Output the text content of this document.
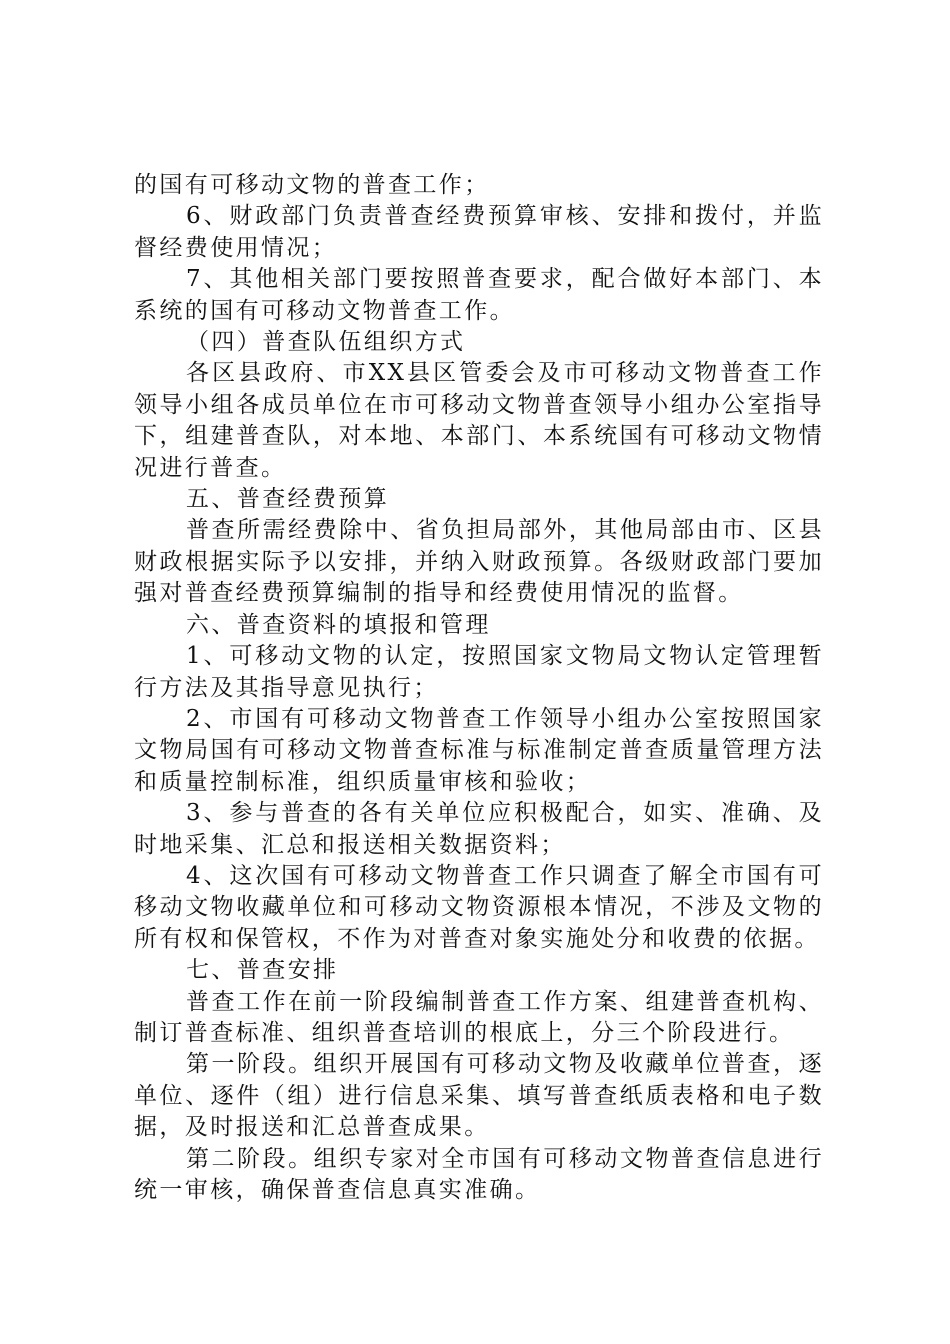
的国有可移动文物的普查工作；

6、财政部门负责普查经费预算审核、安排和拨付，并监督经费使用情况；

7、其他相关部门要按照普查要求，配合做好本部门、本系统的国有可移动文物普查工作。

（四）普查队伍组织方式

各区县政府、市XX县区管委会及市可移动文物普查工作领导小组各成员单位在市可移动文物普查领导小组办公室指导下，组建普查队，对本地、本部门、本系统国有可移动文物情况进行普查。

五、普查经费预算

普查所需经费除中、省负担局部外，其他局部由市、区县财政根据实际予以安排，并纳入财政预算。各级财政部门要加强对普查经费预算编制的指导和经费使用情况的监督。

六、普查资料的填报和管理

1、可移动文物的认定，按照国家文物局文物认定管理暂行方法及其指导意见执行；

2、市国有可移动文物普查工作领导小组办公室按照国家文物局国有可移动文物普查标准与标准制定普查质量管理方法和质量控制标准，组织质量审核和验收；

3、参与普查的各有关单位应积极配合，如实、准确、及时地采集、汇总和报送相关数据资料；

4、这次国有可移动文物普查工作只调查了解全市国有可移动文物收藏单位和可移动文物资源根本情况，不涉及文物的所有权和保管权，不作为对普查对象实施处分和收费的依据。

七、普查安排

普查工作在前一阶段编制普查工作方案、组建普查机构、制订普查标准、组织普查培训的根底上，分三个阶段进行。

第一阶段。组织开展国有可移动文物及收藏单位普查，逐单位、逐件（组）进行信息采集、填写普查纸质表格和电子数据，及时报送和汇总普查成果。

第二阶段。组织专家对全市国有可移动文物普查信息进行统一审核，确保普查信息真实准确。
